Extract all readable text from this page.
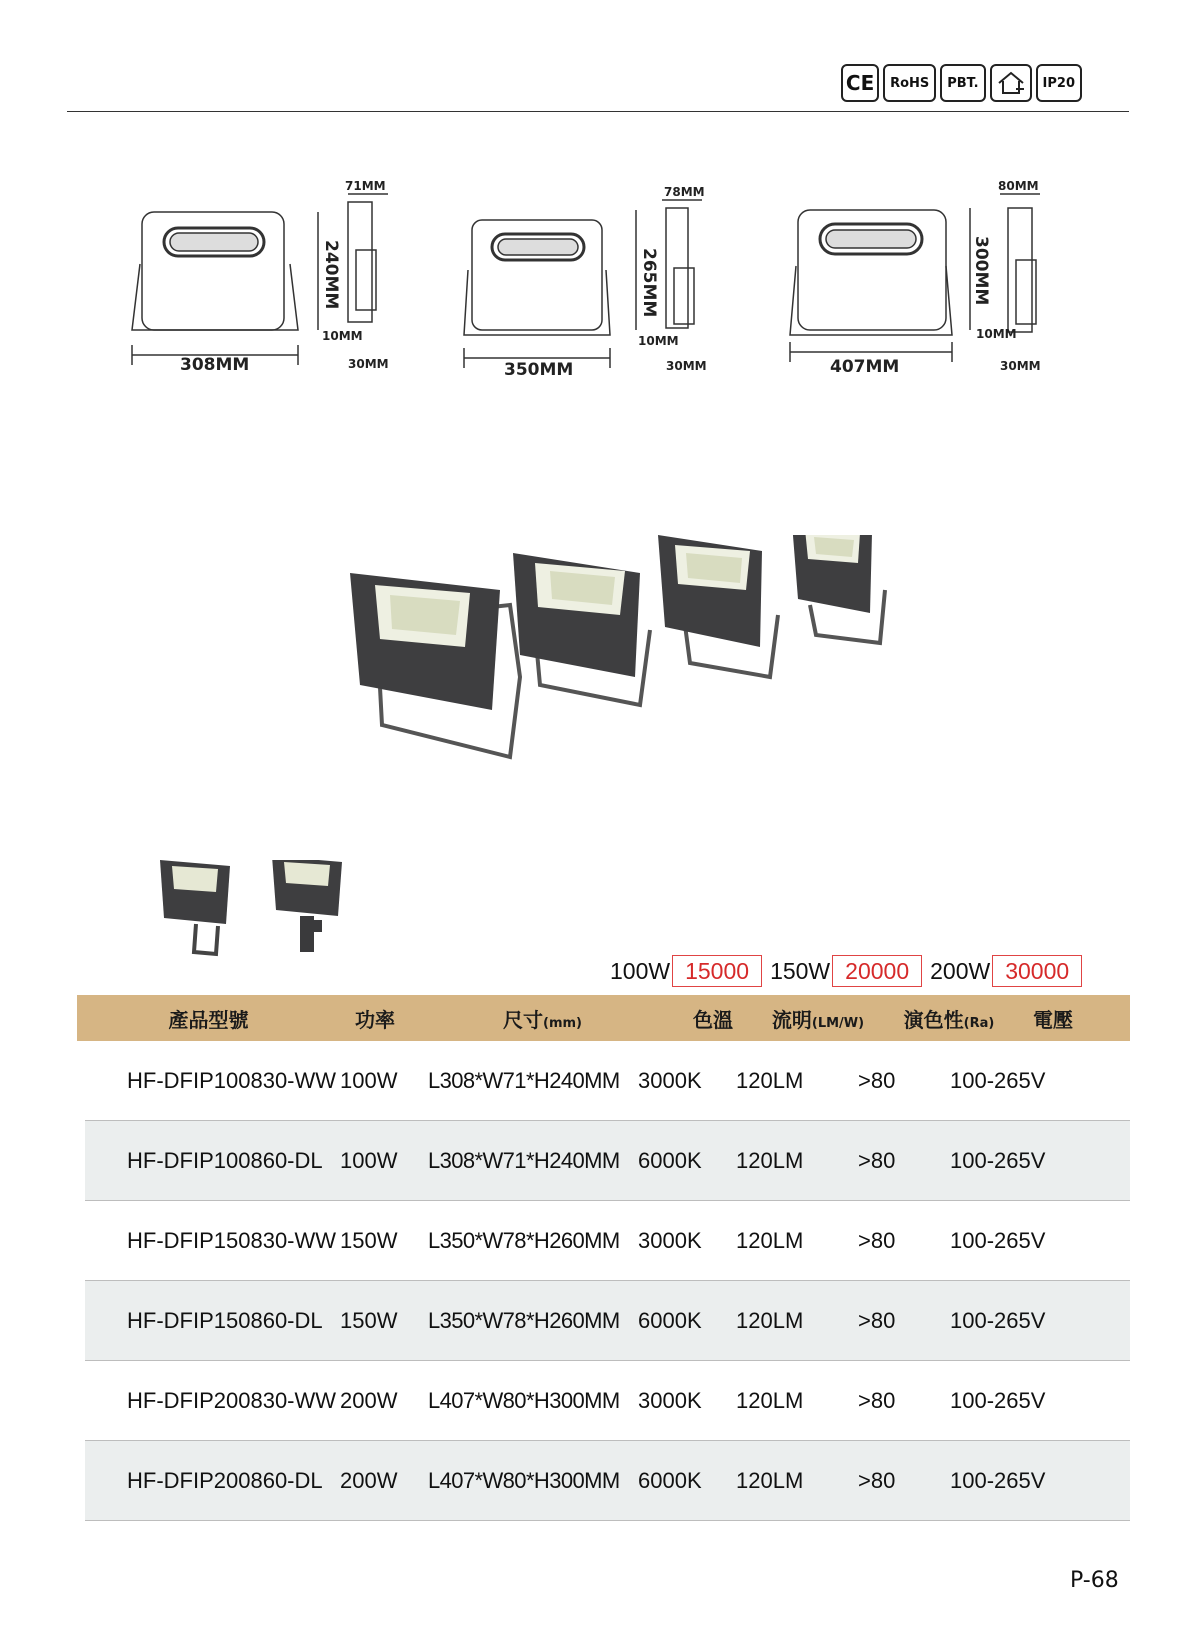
CE	RoHS	PBT.	IP20
308MM
240MM
71MM
10MM
30MM	350MM
265MM
78MM
10MM
30MM	407MM
300MM
80MM
10MM
30MM
100W 15000 150W 20000 200W 30000
產品型號	功率	尺寸(mm)	色溫	流明(LM/W)	演色性(Ra)	電壓
HF-DFIP100830-WW 100W	L308*W71*H240MM 3000K	120LM	>80	100-265V
HF-DFIP100860-DL 100W	L308*W71*H240MM 6000K	120LM	>80	100-265V
HF-DFIP150830-WW 150W	L350*W78*H260MM 3000K	120LM	>80	100-265V
HF-DFIP150860-DL 150W	L350*W78*H260MM 6000K	120LM	>80	100-265V
HF-DFIP200830-WW 200W	L407*W80*H300MM 3000K	120LM	>80	100-265V
HF-DFIP200860-DL 200W	L407*W80*H300MM 6000K	120LM	>80	100-265V
P-68
